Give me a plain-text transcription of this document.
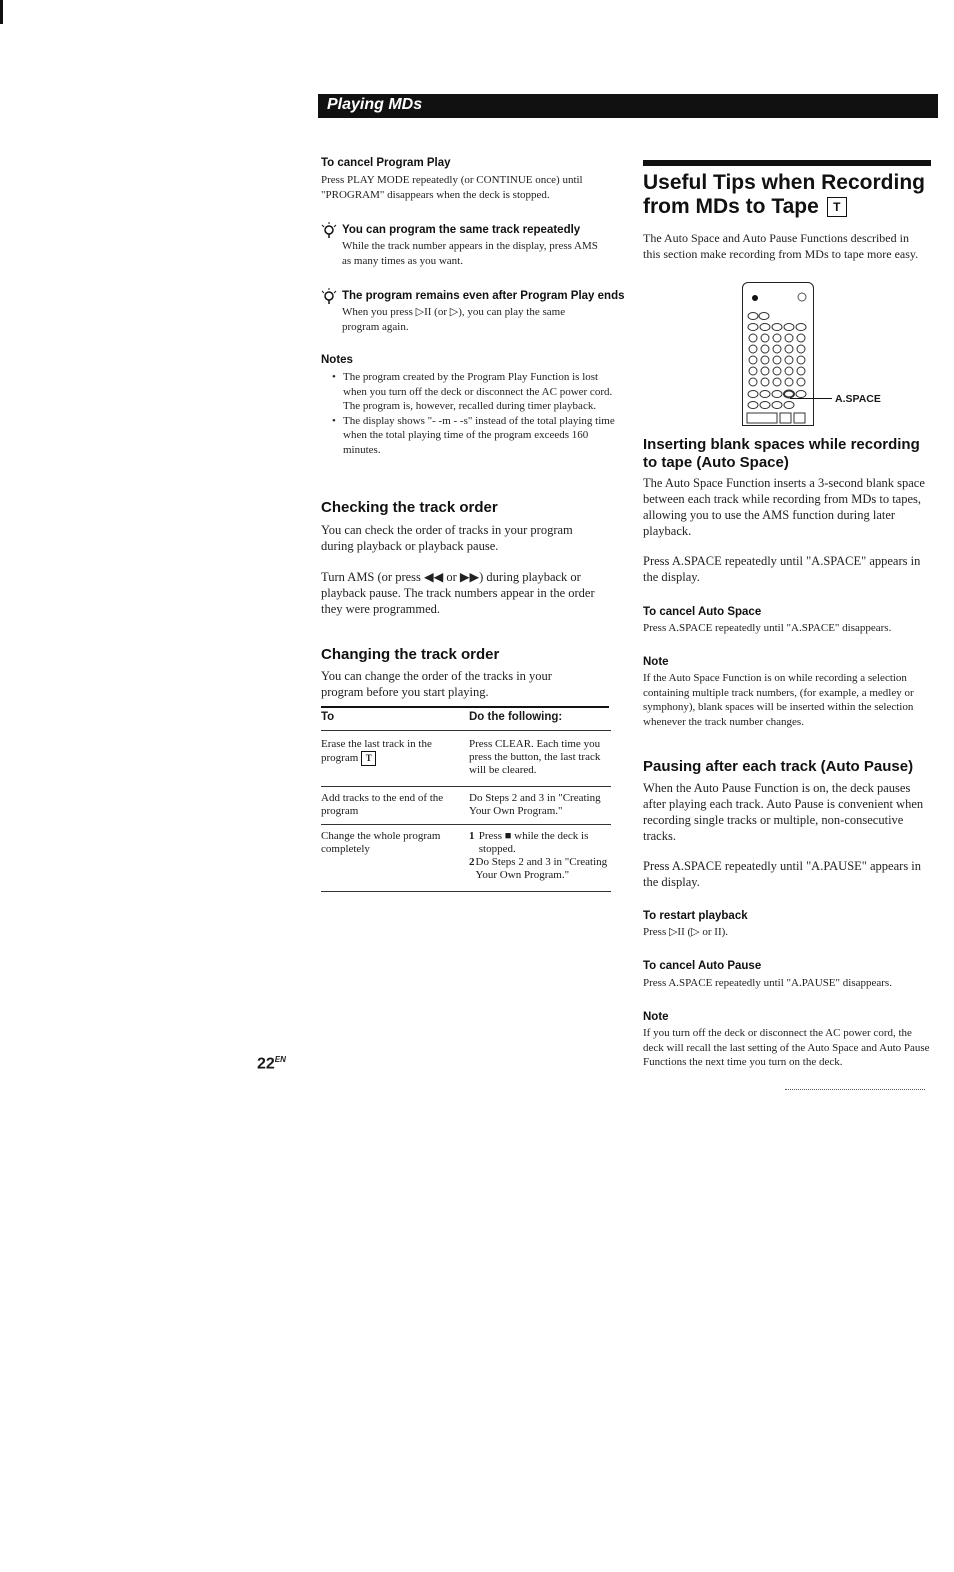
Playing MDs
To cancel Program Play
Press PLAY MODE repeatedly (or CONTINUE once) until "PROGRAM" disappears when the deck is stopped.
You can program the same track repeatedly
While the track number appears in the display, press AMS as many times as you want.
The program remains even after Program Play ends
When you press ▷II (or ▷), you can play the same program again.
Notes
• The program created by the Program Play Function is lost when you turn off the deck or disconnect the AC power cord. The program is, however, recalled during timer playback.
• The display shows "- -m - -s" instead of the total playing time when the total playing time of the program exceeds 160 minutes.
Checking the track order
You can check the order of tracks in your program during playback or playback pause.
Turn AMS (or press ◀◀ or ▶▶) during playback or playback pause. The track numbers appear in the order they were programmed.
Changing the track order
You can change the order of the tracks in your program before you start playing.
To	Do the following:
Erase the last track in the program T	Press CLEAR. Each time you press the button, the last track will be cleared.
Add tracks to the end of the program	Do Steps 2 and 3 in "Creating Your Own Program."
Change the whole program completely	1 Press ■ while the deck is stopped.
2 Do Steps 2 and 3 in "Creating Your Own Program."
$22^{EN}$
Useful Tips when Recording
from MDs to Tape T
The Auto Space and Auto Pause Functions described in this section make recording from MDs to tape more easy.
A.SPACE
Inserting blank spaces while recording to tape (Auto Space)
The Auto Space Function inserts a 3-second blank space between each track while recording from MDs to tapes, allowing you to use the AMS function during later playback.
Press A.SPACE repeatedly until "A.SPACE" appears in the display.
To cancel Auto Space
Press A.SPACE repeatedly until "A.SPACE" disappears.
Note
If the Auto Space Function is on while recording a selection containing multiple track numbers, (for example, a medley or symphony), blank spaces will be inserted within the selection whenever the track number changes.
Pausing after each track (Auto Pause)
When the Auto Pause Function is on, the deck pauses after playing each track. Auto Pause is convenient when recording single tracks or multiple, non-consecutive tracks.
Press A.SPACE repeatedly until "A.PAUSE" appears in the display.
To restart playback
Press ▷II (▷ or II).
To cancel Auto Pause
Press A.SPACE repeatedly until "A.PAUSE" disappears.
Note
If you turn off the deck or disconnect the AC power cord, the deck will recall the last setting of the Auto Space and Auto Pause Functions the next time you turn on the deck.
